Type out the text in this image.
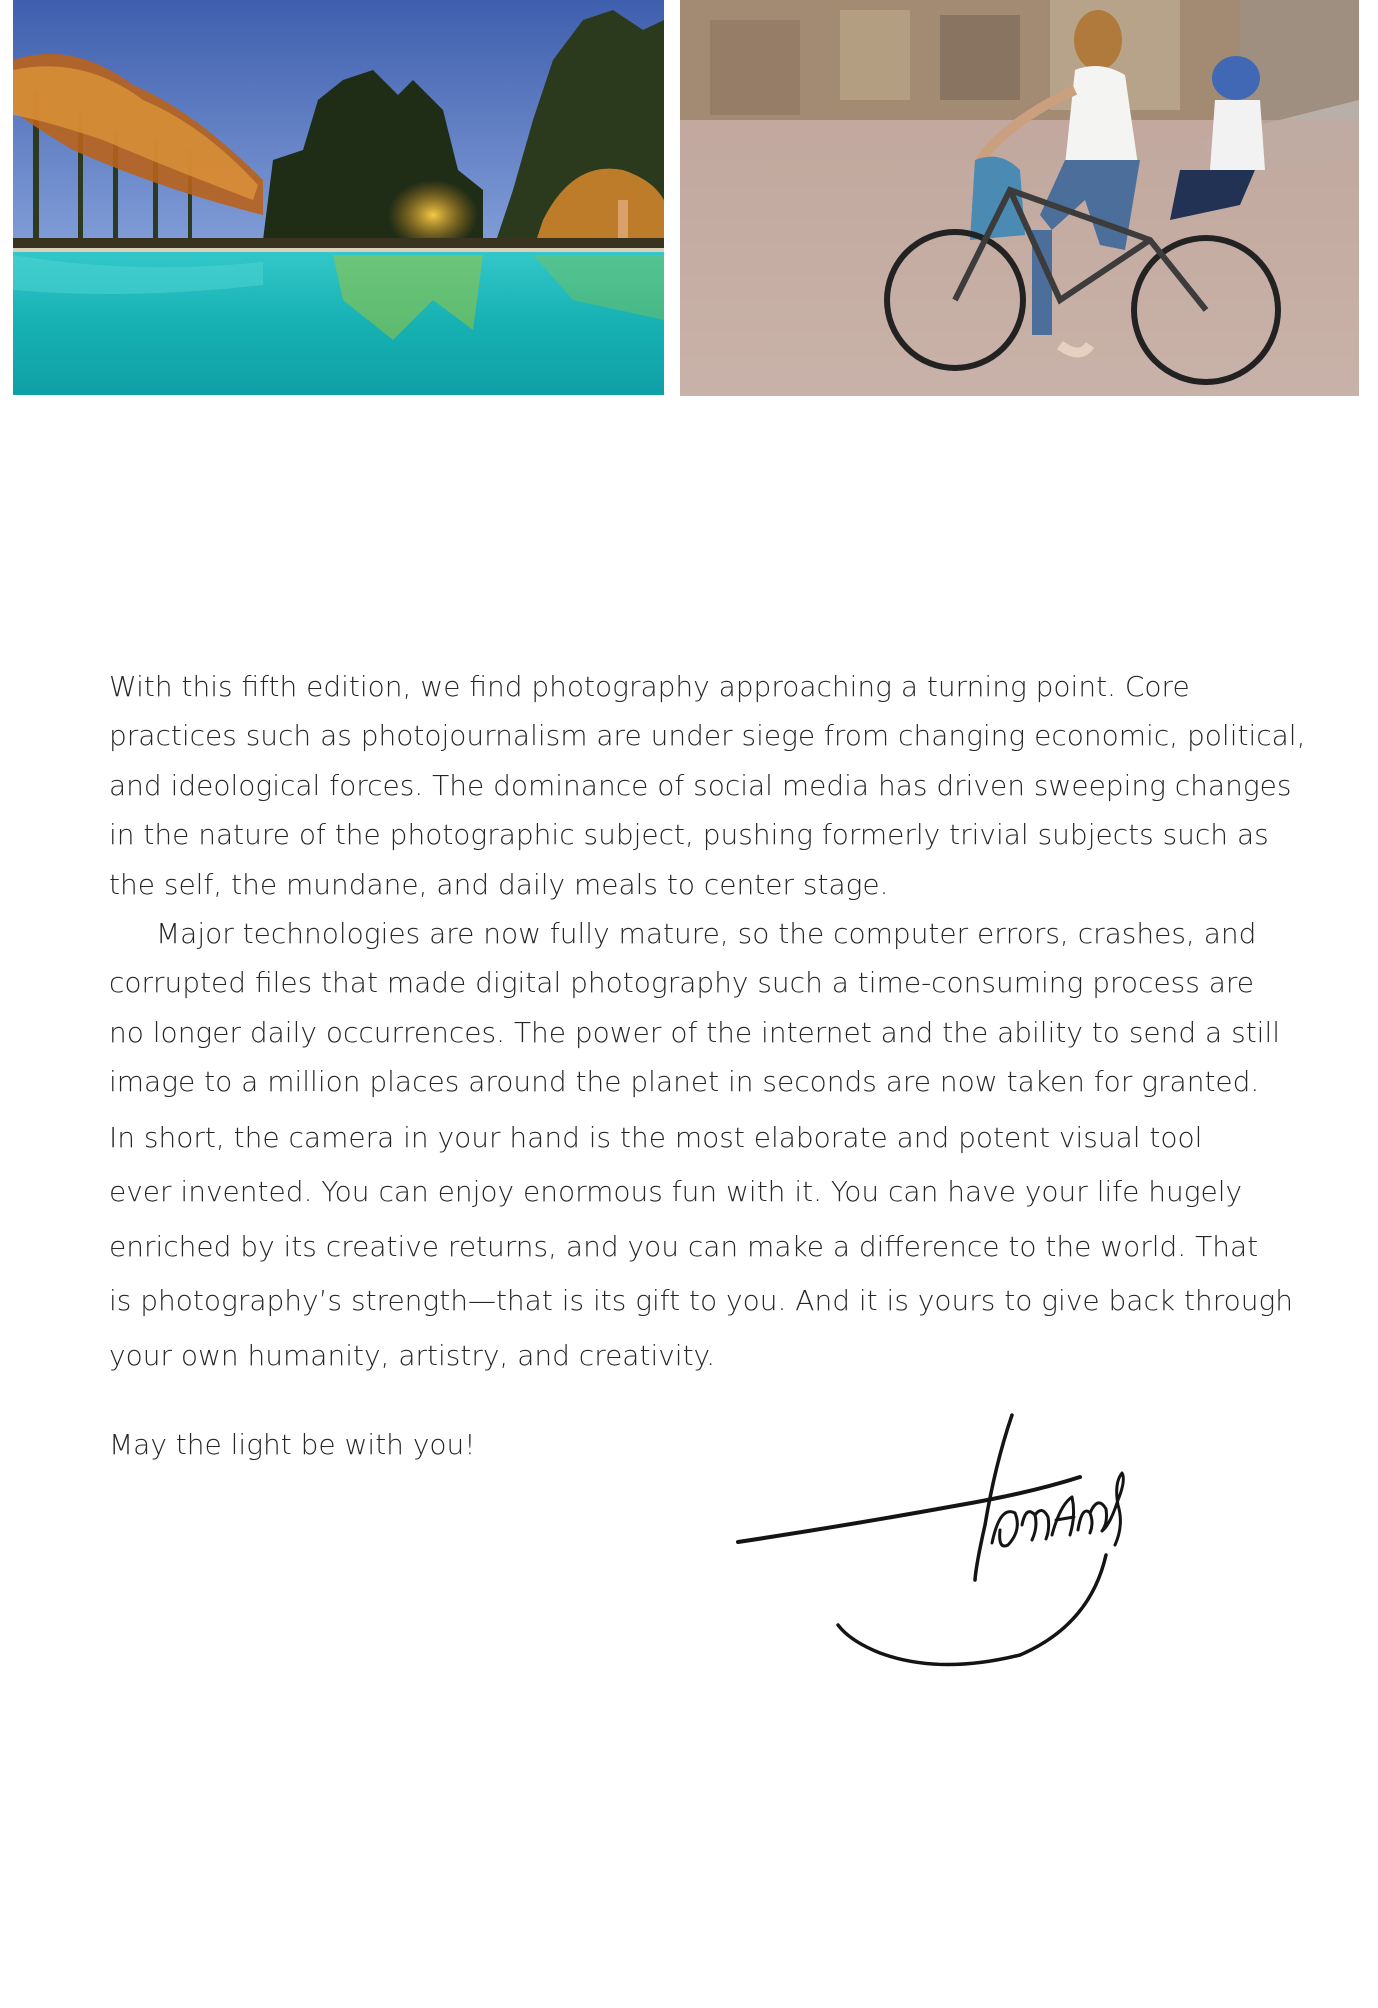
With this fifth edition, we find photography approaching a turning point. Core
practices such as photojournalism are under siege from changing economic, political,
and ideological forces. The dominance of social media has driven sweeping changes
in the nature of the photographic subject, pushing formerly trivial subjects such as
the self, the mundane, and daily meals to center stage.

Major technologies are now fully mature, so the computer errors, crashes, and
corrupted files that made digital photography such a time-consuming process are
no longer daily occurrences. The power of the internet and the ability to send a still
image to a million places around the planet in seconds are now taken for granted.

In short, the camera in your hand is the most elaborate and potent visual tool
ever invented. You can enjoy enormous fun with it. You can have your life hugely
enriched by its creative returns, and you can make a difference to the world. That
is photography’s strength—that is its gift to you. And it is yours to give back through
your own humanity, artistry, and creativity.

May the light be with you!
